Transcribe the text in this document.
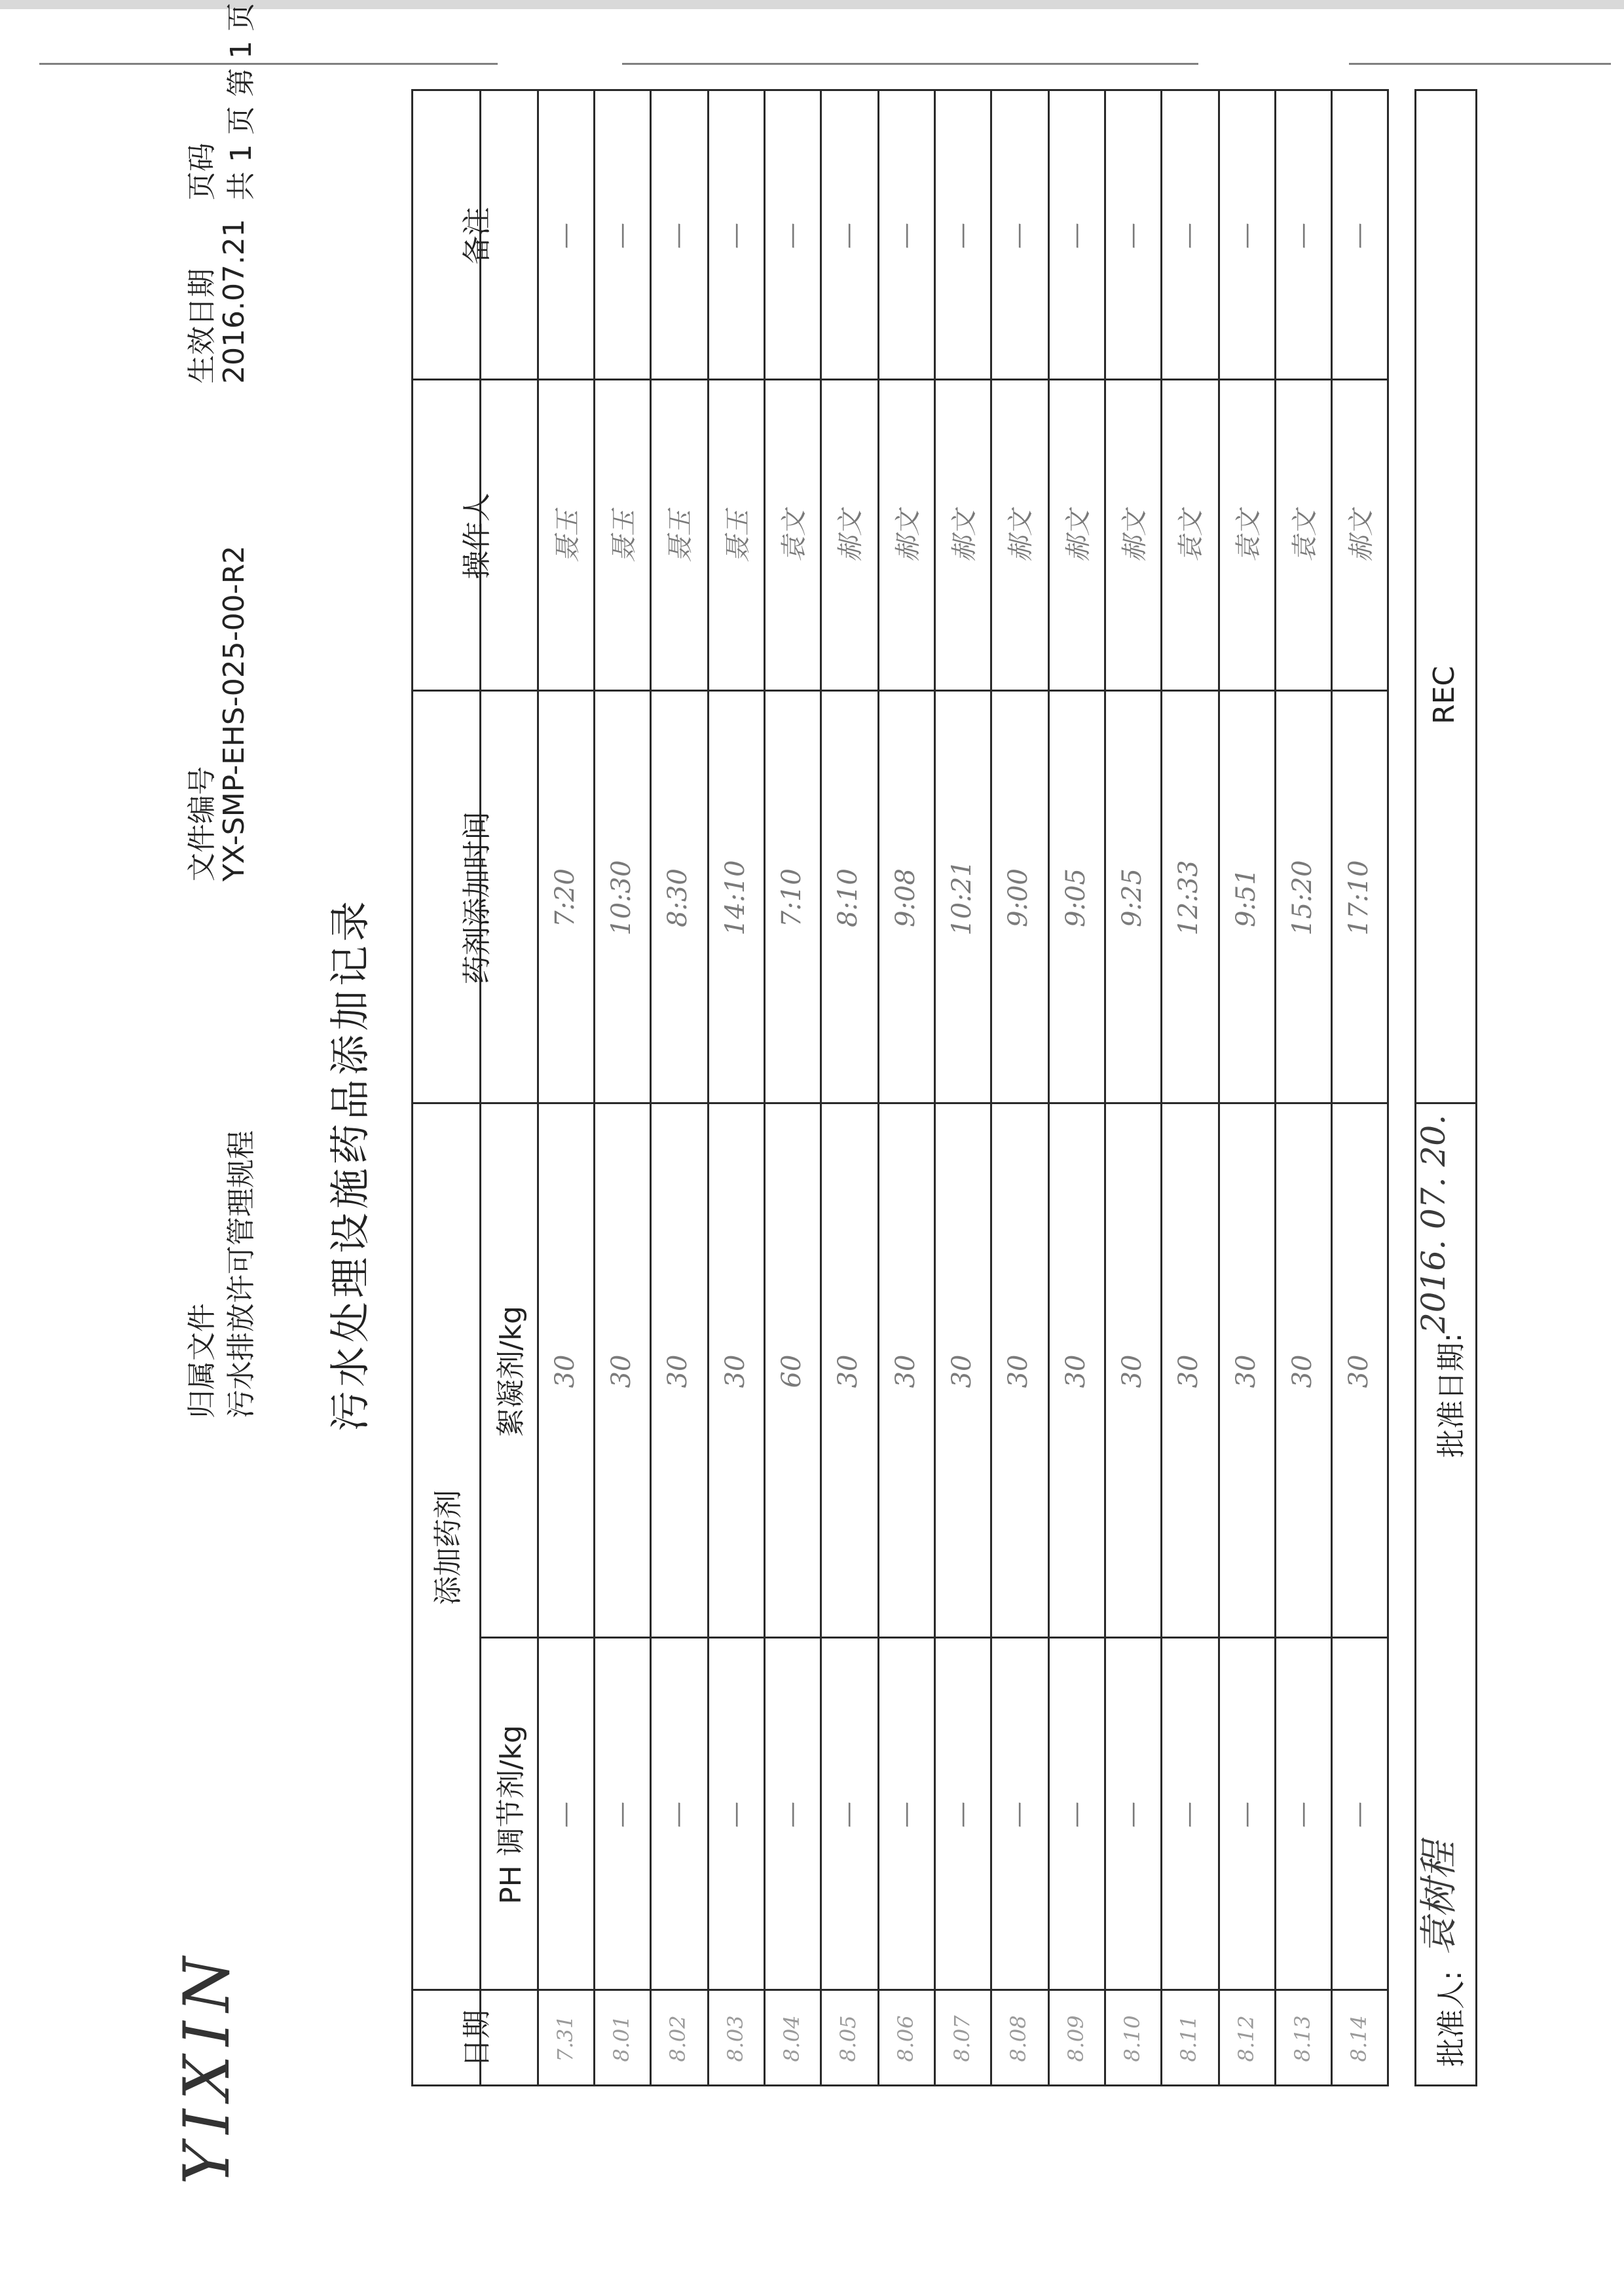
YIXIN
归属文件 污水排放许可管理规程
文件编号
YX-SMP-EHS-025-00-R2
生效日期
2016.07.21
页码 共 1 页 第 1 页
污水处理设施药品添加记录
日期
添加药剂
PH 调节剂/kg
絮凝剂/kg
药剂添加时间
操作人
备注
7.31
—
30
7:20
聂玉
—
8.01
—
30
10:30
聂玉
—
8.02
—
30
8:30
聂玉
—
8.03
—
30
14:10
聂玉
—
8.04
—
60
7:10
袁文
—
8.05
—
30
8:10
郝文
—
8.06
—
30
9:08
郝文
—
8.07
—
30
10:21
郝文
—
8.08
—
30
9:00
郝文
—
8.09
—
30
9:05
郝文
—
8.10
—
30
9:25
郝文
—
8.11
—
30
12:33
袁文
—
8.12
—
30
9:51
袁文
—
8.13
—
30
15:20
袁文
—
8.14
—
30
17:10
郝文
—
批准人:
袁树程
批准日期:
2016. 07. 20.
REC
